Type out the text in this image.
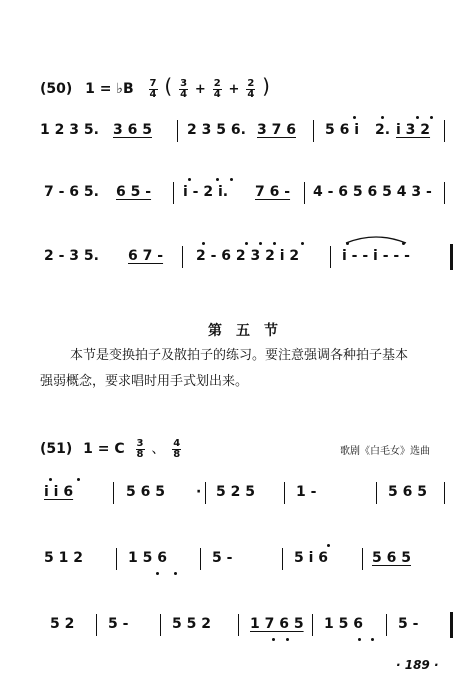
(50) 1 = ♭B $\frac{7}{4}$ ( $\frac{3}{4} + \frac{2}{4} + \frac{2}{4}$ )
1 2 3 5. 3 6 5	2 3 5 6. 3 7 6 5 6 i 2. i 3 2
7 - 6 5. 6 5 - i - 2 i. 7 6 - 4 - 6 5 6 5 4 3 -
2 - 3 5. 6 7 - 2 - 6 2 3 2 i 2	i - - i - - -
第五节
本节是变换拍子及散拍子的练习。要注意强调各种拍子基本
强弱概念，要求唱时用手式划出来。
(51) 1 = C $\frac{3}{8}$ 、 $\frac{4}{8}$	歌剧《白毛女》选曲
i i 6	5 6 5 · 5 2 5	1 -	5 6 5
5 1 2	1 5 6	5 -	5 i 6	5 6 5
5 2 5 -	5 5 2	1 7 6 5 1 5 6	5 -
· 189 ·
